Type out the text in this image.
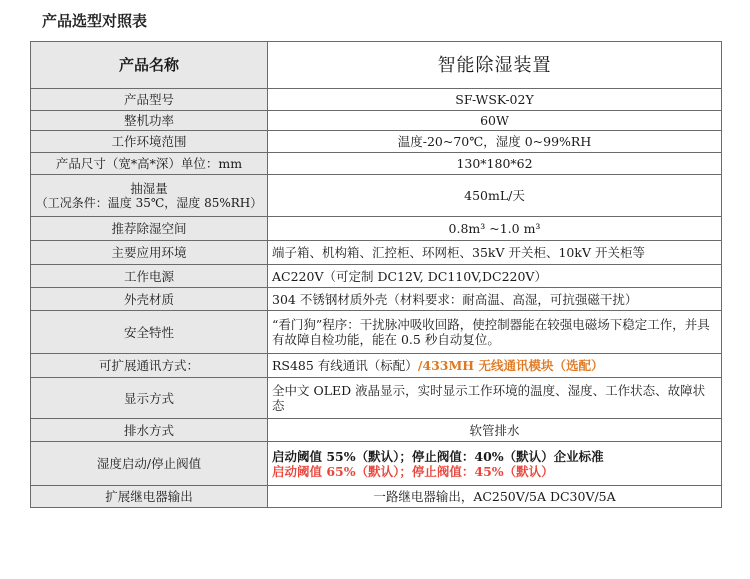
产品选型对照表
产品名称	智能除湿装置
产品型号	SF-WSK-02Y
整机功率	60W
工作环境范围	温度-20~70℃，湿度 0~99%RH
产品尺寸（宽*高*深）单位：mm	130*180*62
抽湿量
（工况条件：温度 35℃，湿度 85%RH）	450mL/天
推荐除湿空间	0.8m³ ~1.0 m³
主要应用环境	端子箱、机构箱、汇控柜、环网柜、35kV 开关柜、10kV 开关柜等
工作电源	AC220V（可定制 DC12V, DC110V,DC220V）
外壳材质	304 不锈钢材质外壳（材料要求：耐高温、高湿，可抗强磁干扰）
安全特性	“看门狗”程序：干扰脉冲吸收回路，使控制器能在较强电磁场下稳定工作，并具有故障自检功能，能在 0.5 秒自动复位。
可扩展通讯方式：	RS485 有线通讯（标配）/433MH 无线通讯模块（选配）
显示方式	全中文 OLED 液晶显示，实时显示工作环境的温度、湿度、工作状态、故障状态
排水方式	软管排水
湿度启动/停止阀值	启动阈值 55%（默认）；停止阀值：40%（默认）企业标准
启动阈值 65%（默认）；停止阀值：45%（默认）

扩展继电器输出	一路继电器输出，AC250V/5A DC30V/5A
